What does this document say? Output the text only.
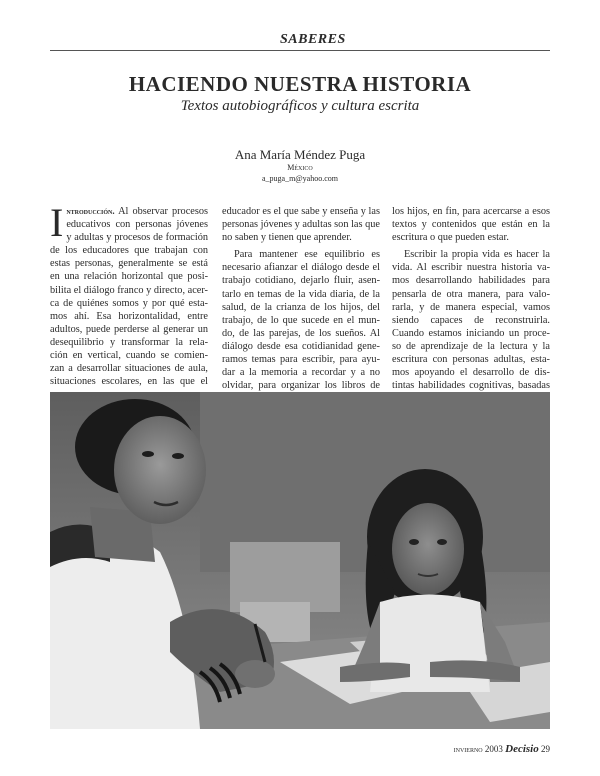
SABERES
HACIENDO NUESTRA HISTORIA
Textos autobiográficos y cultura escrita
Ana María Méndez Puga
México
a_puga_m@yahoo.com
I ntroducción. Al observar procesos educativos con personas jóvenes y adultas y procesos de formación de los educadores que trabajan con estas personas, generalmente se está en una relación horizontal que posi- bilita el diálogo franco y directo, acer- ca de quiénes somos y por qué esta- mos ahí. Esa horizontalidad, entre adultos, puede perderse al generar un desequilibrio y transformar la rela- ción en vertical, cuando se comien- zan a desarrollar situaciones de aula, situaciones escolares, en las que el

educador es el que sabe y enseña y las personas jóvenes y adultas son las que no saben y tienen que aprender.

Para mantener ese equilibrio es necesario afianzar el diálogo desde el trabajo cotidiano, dejarlo fluir, asen- tarlo en temas de la vida diaria, de la salud, de la crianza de los hijos, del trabajo, de lo que sucede en el mun- do, de las parejas, de los sueños. Al diálogo desde esa cotidianidad gene- ramos temas para escribir, para ayu- dar a la memoria a recordar y a no olvidar, para organizar los libros de

los hijos, en fin, para acercarse a esos textos y contenidos que están en la escritura o que pueden estar.

Escribir la propia vida es hacer la vida. Al escribir nuestra historia va- mos desarrollando habilidades para pensarla de otra manera, para valo- rarla, y de manera especial, vamos siendo capaces de reconstruirla. Cuando estamos iniciando un proce- so de aprendizaje de la lectura y la escritura con personas adultas, esta- mos apoyando el desarrollo de dis- tintas habilidades cognitivas, basadas

invierno 2003 Decisio 29
